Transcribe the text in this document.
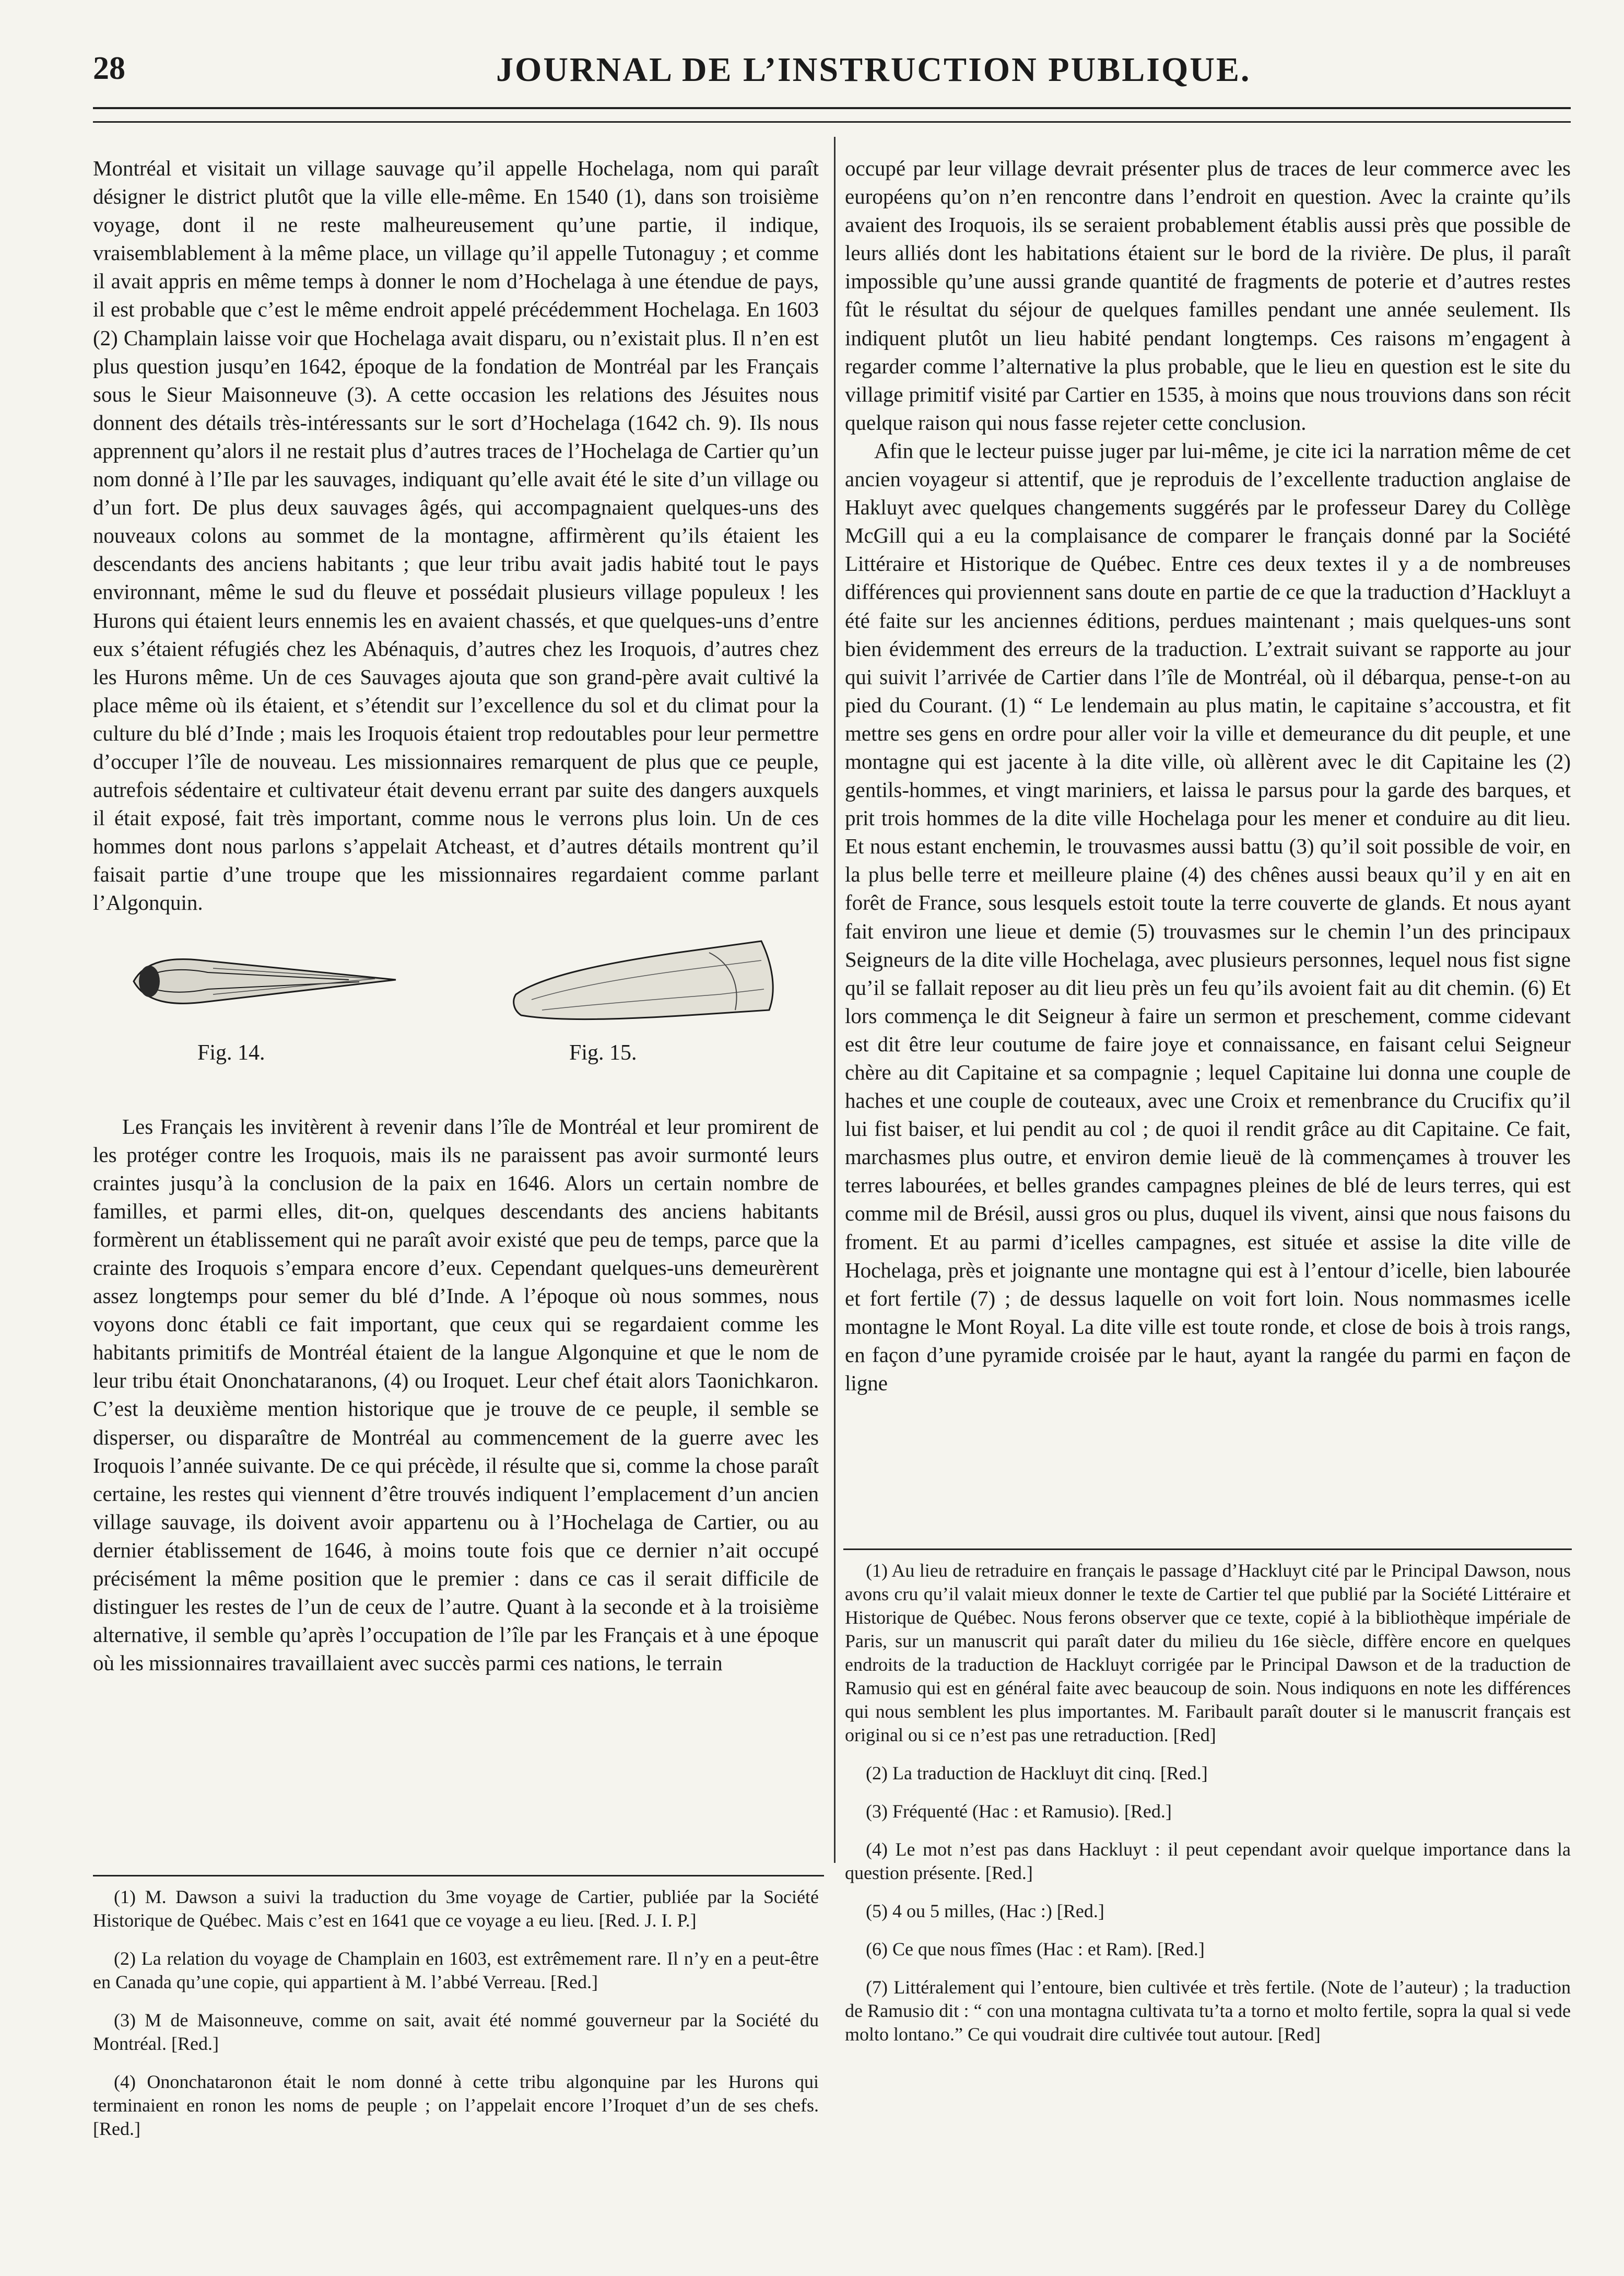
28	JOURNAL DE L’INSTRUCTION PUBLIQUE.

Montréal et visitait un village sauvage qu’il appelle Hochelaga, nom qui paraît désigner le district plutôt que la ville elle-même. En 1540 (1), dans son troisième voyage, dont il ne reste malheureusement qu’une partie, il indique, vraisemblablement à la même place, un village qu’il appelle Tutonaguy ; et comme il avait appris en même temps à donner le nom d’Hochelaga à une étendue de pays, il est probable que c’est le même endroit appelé précédemment Hochelaga. En 1603 (2) Champlain laisse voir que Hochelaga avait disparu, ou n’existait plus. Il n’en est plus question jusqu’en 1642, époque de la fondation de Montréal par les Français sous le Sieur Maisonneuve (3). A cette occasion les relations des Jésuites nous donnent des détails très-intéressants sur le sort d’Hochelaga (1642 ch. 9). Ils nous apprennent qu’alors il ne restait plus d’autres traces de l’Hochelaga de Cartier qu’un nom donné à l’Ile par les sauvages, indiquant qu’elle avait été le site d’un village ou d’un fort. De plus deux sauvages âgés, qui accompagnaient quelques-uns des nouveaux colons au sommet de la montagne, affirmèrent qu’ils étaient les descendants des anciens habitants ; que leur tribu avait jadis habité tout le pays environnant, même le sud du fleuve et possédait plusieurs village populeux ! les Hurons qui étaient leurs ennemis les en avaient chassés, et que quelques-uns d’entre eux s’étaient réfugiés chez les Abénaquis, d’autres chez les Iroquois, d’autres chez les Hurons même. Un de ces Sauvages ajouta que son grand-père avait cultivé la place même où ils étaient, et s’étendit sur l’excellence du sol et du climat pour la culture du blé d’Inde ; mais les Iroquois étaient trop redoutables pour leur permettre d’occuper l’île de nouveau. Les missionnaires remarquent de plus que ce peuple, autrefois sédentaire et cultivateur était devenu errant par suite des dangers auxquels il était exposé, fait très important, comme nous le verrons plus loin. Un de ces hommes dont nous parlons s’appelait Atcheast, et d’autres détails montrent qu’il faisait partie d’une troupe que les missionnaires regardaient comme parlant l’Algonquin.

Fig. 14.	Fig. 15.

Les Français les invitèrent à revenir dans l’île de Montréal et leur promirent de les protéger contre les Iroquois, mais ils ne paraissent pas avoir surmonté leurs craintes jusqu’à la conclusion de la paix en 1646. Alors un certain nombre de familles, et parmi elles, dit-on, quelques descendants des anciens habitants formèrent un établissement qui ne paraît avoir existé que peu de temps, parce que la crainte des Iroquois s’empara encore d’eux. Cependant quelques-uns demeurèrent assez longtemps pour semer du blé d’Inde. A l’époque où nous sommes, nous voyons donc établi ce fait important, que ceux qui se regardaient comme les habitants primitifs de Montréal étaient de la langue Algonquine et que le nom de leur tribu était Ononchataranons, (4) ou Iroquet. Leur chef était alors Taonichkaron. C’est la deuxième mention historique que je trouve de ce peuple, il semble se disperser, ou disparaître de Montréal au commencement de la guerre avec les Iroquois l’année suivante. De ce qui précède, il résulte que si, comme la chose paraît certaine, les restes qui viennent d’être trouvés indiquent l’emplacement d’un ancien village sauvage, ils doivent avoir appartenu ou à l’Hochelaga de Cartier, ou au dernier établissement de 1646, à moins toute fois que ce dernier n’ait occupé précisément la même position que le premier : dans ce cas il serait difficile de distinguer les restes de l’un de ceux de l’autre. Quant à la seconde et à la troisième alternative, il semble qu’après l’occupation de l’île par les Français et à une époque où les missionnaires travaillaient avec succès parmi ces nations, le terrain

occupé par leur village devrait présenter plus de traces de leur commerce avec les européens qu’on n’en rencontre dans l’endroit en question. Avec la crainte qu’ils avaient des Iroquois, ils se seraient probablement établis aussi près que possible de leurs alliés dont les habitations étaient sur le bord de la rivière. De plus, il paraît impossible qu’une aussi grande quantité de fragments de poterie et d’autres restes fût le résultat du séjour de quelques familles pendant une année seulement. Ils indiquent plutôt un lieu habité pendant longtemps. Ces raisons m’engagent à regarder comme l’alternative la plus probable, que le lieu en question est le site du village primitif visité par Cartier en 1535, à moins que nous trouvions dans son récit quelque raison qui nous fasse rejeter cette conclusion.

Afin que le lecteur puisse juger par lui-même, je cite ici la narration même de cet ancien voyageur si attentif, que je reproduis de l’excellente traduction anglaise de Hakluyt avec quelques changements suggérés par le professeur Darey du Collège McGill qui a eu la complaisance de comparer le français donné par la Société Littéraire et Historique de Québec. Entre ces deux textes il y a de nombreuses différences qui proviennent sans doute en partie de ce que la traduction d’Hackluyt a été faite sur les anciennes éditions, perdues maintenant ; mais quelques-uns sont bien évidemment des erreurs de la traduction. L’extrait suivant se rapporte au jour qui suivit l’arrivée de Cartier dans l’île de Montréal, où il débarqua, pense-t-on au pied du Courant. (1) “ Le lendemain au plus matin, le capitaine s’accoustra, et fit mettre ses gens en ordre pour aller voir la ville et demeurance du dit peuple, et une montagne qui est jacente à la dite ville, où allèrent avec le dit Capitaine les (2) gentils-hommes, et vingt mariniers, et laissa le parsus pour la garde des barques, et prit trois hommes de la dite ville Hochelaga pour les mener et conduire au dit lieu. Et nous estant enchemin, le trouvasmes aussi battu (3) qu’il soit possible de voir, en la plus belle terre et meilleure plaine (4) des chênes aussi beaux qu’il y en ait en forêt de France, sous lesquels estoit toute la terre couverte de glands. Et nous ayant fait environ une lieue et demie (5) trouvasmes sur le chemin l’un des principaux Seigneurs de la dite ville Hochelaga, avec plusieurs personnes, lequel nous fist signe qu’il se fallait reposer au dit lieu près un feu qu’ils avoient fait au dit chemin. (6) Et lors commença le dit Seigneur à faire un sermon et preschement, comme cidevant est dit être leur coutume de faire joye et connaissance, en faisant celui Seigneur chère au dit Capitaine et sa compagnie ; lequel Capitaine lui donna une couple de haches et une couple de couteaux, avec une Croix et remenbrance du Crucifix qu’il lui fist baiser, et lui pendit au col ; de quoi il rendit grâce au dit Capitaine. Ce fait, marchasmes plus outre, et environ demie lieuë de là commençames à trouver les terres labourées, et belles grandes campagnes pleines de blé de leurs terres, qui est comme mil de Brésil, aussi gros ou plus, duquel ils vivent, ainsi que nous faisons du froment. Et au parmi d’icelles campagnes, est située et assise la dite ville de Hochelaga, près et joignante une montagne qui est à l’entour d’icelle, bien labourée et fort fertile (7) ; de dessus laquelle on voit fort loin. Nous nommasmes icelle montagne le Mont Royal. La dite ville est toute ronde, et close de bois à trois rangs, en façon d’une pyramide croisée par le haut, ayant la rangée du parmi en façon de ligne

(1) M. Dawson a suivi la traduction du 3me voyage de Cartier, publiée par la Société Historique de Québec. Mais c’est en 1641 que ce voyage a eu lieu. [Red. J. I. P.]

(2) La relation du voyage de Champlain en 1603, est extrêmement rare. Il n’y en a peut-être en Canada qu’une copie, qui appartient à M. l’abbé Verreau. [Red.]

(3) M de Maisonneuve, comme on sait, avait été nommé gouverneur par la Société du Montréal. [Red.]

(4) Ononchataronon était le nom donné à cette tribu algonquine par les Hurons qui terminaient en ronon les noms de peuple ; on l’appelait encore l’Iroquet d’un de ses chefs. [Red.]

(1) Au lieu de retraduire en français le passage d’Hackluyt cité par le Principal Dawson, nous avons cru qu’il valait mieux donner le texte de Cartier tel que publié par la Société Littéraire et Historique de Québec. Nous ferons observer que ce texte, copié à la bibliothèque impériale de Paris, sur un manuscrit qui paraît dater du milieu du 16e siècle, diffère encore en quelques endroits de la traduction de Hackluyt corrigée par le Principal Dawson et de la traduction de Ramusio qui est en général faite avec beaucoup de soin. Nous indiquons en note les différences qui nous semblent les plus importantes. M. Faribault paraît douter si le manuscrit français est original ou si ce n’est pas une retraduction. [Red]

(2) La traduction de Hackluyt dit cinq. [Red.]

(3) Fréquenté (Hac : et Ramusio). [Red.]

(4) Le mot n’est pas dans Hackluyt : il peut cependant avoir quelque importance dans la question présente. [Red.]

(5) 4 ou 5 milles, (Hac :) [Red.]

(6) Ce que nous fîmes (Hac : et Ram). [Red.]

(7) Littéralement qui l’entoure, bien cultivée et très fertile. (Note de l’auteur) ; la traduction de Ramusio dit : “ con una montagna cultivata tu’ta a torno et molto fertile, sopra la qual si vede molto lontano.” Ce qui voudrait dire cultivée tout autour. [Red]
